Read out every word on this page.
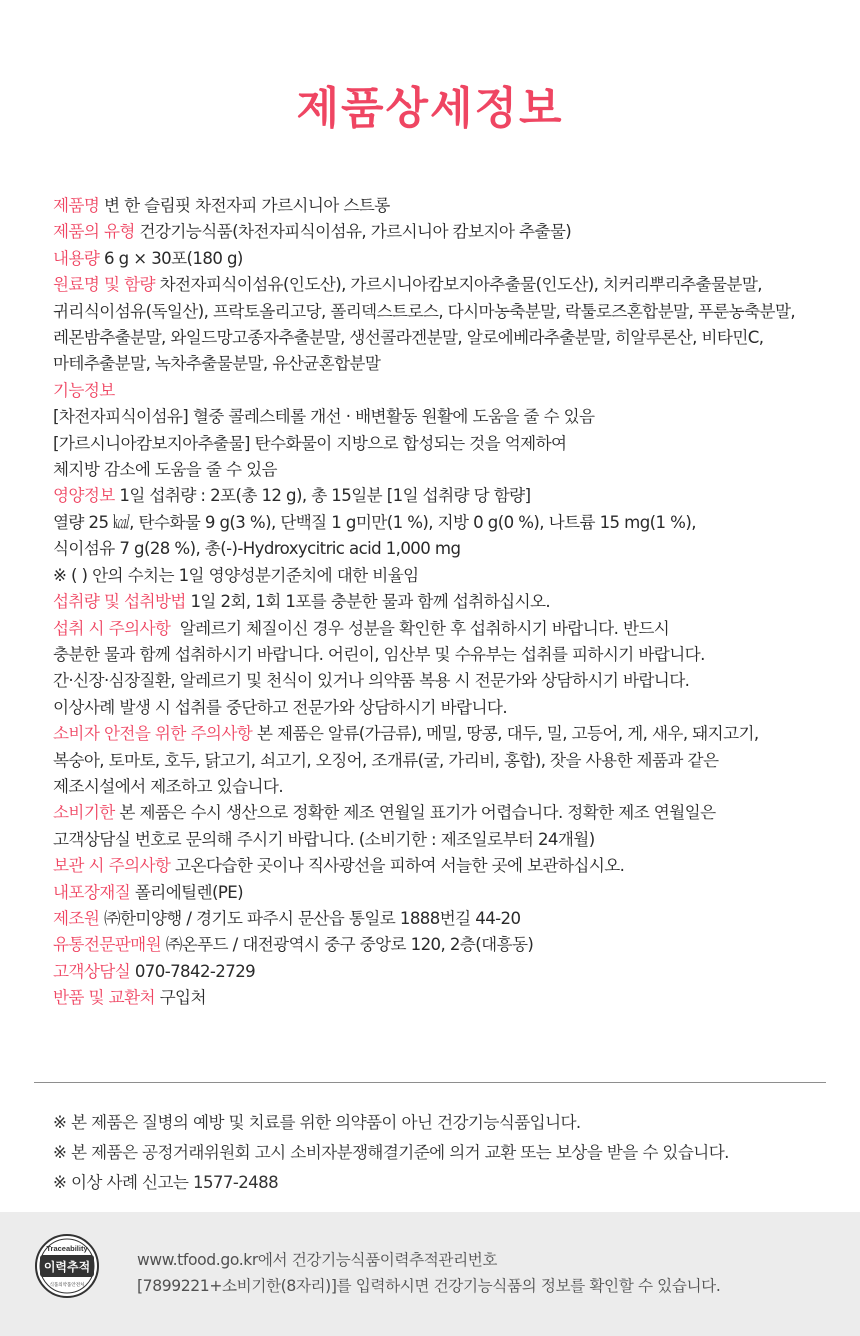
제품상세정보
제품명 변 한 슬림핏 차전자피 가르시니아 스트롱
제품의 유형 건강기능식품(차전자피식이섬유, 가르시니아 캄보지아 추출물)
내용량 6 g × 30포(180 g)
원료명 및 함량 차전자피식이섬유(인도산), 가르시니아캄보지아추출물(인도산), 치커리뿌리추출물분말,
귀리식이섬유(독일산), 프락토올리고당, 폴리덱스트로스, 다시마농축분말, 락툴로즈혼합분말, 푸룬농축분말,
레몬밤추출분말, 와일드망고종자추출분말, 생선콜라겐분말, 알로에베라추출분말, 히알루론산, 비타민C,
마테추출분말, 녹차추출물분말, 유산균혼합분말
기능정보
[차전자피식이섬유] 혈중 콜레스테롤 개선 · 배변활동 원활에 도움을 줄 수 있음
[가르시니아캄보지아추출물] 탄수화물이 지방으로 합성되는 것을 억제하여
체지방 감소에 도움을 줄 수 있음
영양정보 1일 섭취량 : 2포(총 12 g), 총 15일분 [1일 섭취량 당 함량]
열량 25 ㎉, 탄수화물 9 g(3 %), 단백질 1 g미만(1 %), 지방 0 g(0 %), 나트륨 15 mg(1 %),
식이섬유 7 g(28 %), 총(-)-Hydroxycitric acid 1,000 mg
※ ( ) 안의 수치는 1일 영양성분기준치에 대한 비율임
섭취량 및 섭취방법 1일 2회, 1회 1포를 충분한 물과 함께 섭취하십시오.
섭취 시 주의사항  알레르기 체질이신 경우 성분을 확인한 후 섭취하시기 바랍니다. 반드시
충분한 물과 함께 섭취하시기 바랍니다. 어린이, 임산부 및 수유부는 섭취를 피하시기 바랍니다.
간·신장·심장질환, 알레르기 및 천식이 있거나 의약품 복용 시 전문가와 상담하시기 바랍니다.
이상사례 발생 시 섭취를 중단하고 전문가와 상담하시기 바랍니다.
소비자 안전을 위한 주의사항 본 제품은 알류(가금류), 메밀, 땅콩, 대두, 밀, 고등어, 게, 새우, 돼지고기,
복숭아, 토마토, 호두, 닭고기, 쇠고기, 오징어, 조개류(굴, 가리비, 홍합), 잣을 사용한 제품과 같은
제조시설에서 제조하고 있습니다.
소비기한 본 제품은 수시 생산으로 정확한 제조 연월일 표기가 어렵습니다. 정확한 제조 연월일은
고객상담실 번호로 문의해 주시기 바랍니다. (소비기한 : 제조일로부터 24개월)
보관 시 주의사항 고온다습한 곳이나 직사광선을 피하여 서늘한 곳에 보관하십시오.
내포장재질 폴리에틸렌(PE)
제조원 ㈜한미양행 / 경기도 파주시 문산읍 통일로 1888번길 44-20
유통전문판매원 ㈜온푸드 / 대전광역시 중구 중앙로 120, 2층(대흥동)
고객상담실 070-7842-2729
반품 및 교환처 구입처
※ 본 제품은 질병의 예방 및 치료를 위한 의약품이 아닌 건강기능식품입니다.
※ 본 제품은 공정거래위원회 고시 소비자분쟁해결기준에 의거 교환 또는 보상을 받을 수 있습니다.
※ 이상 사례 신고는 1577-2488
Traceability
이력추적
식품의약품안전처
www.tfood.go.kr에서 건강기능식품이력추적관리번호
[7899221+소비기한(8자리)]를 입력하시면 건강기능식품의 정보를 확인할 수 있습니다.
